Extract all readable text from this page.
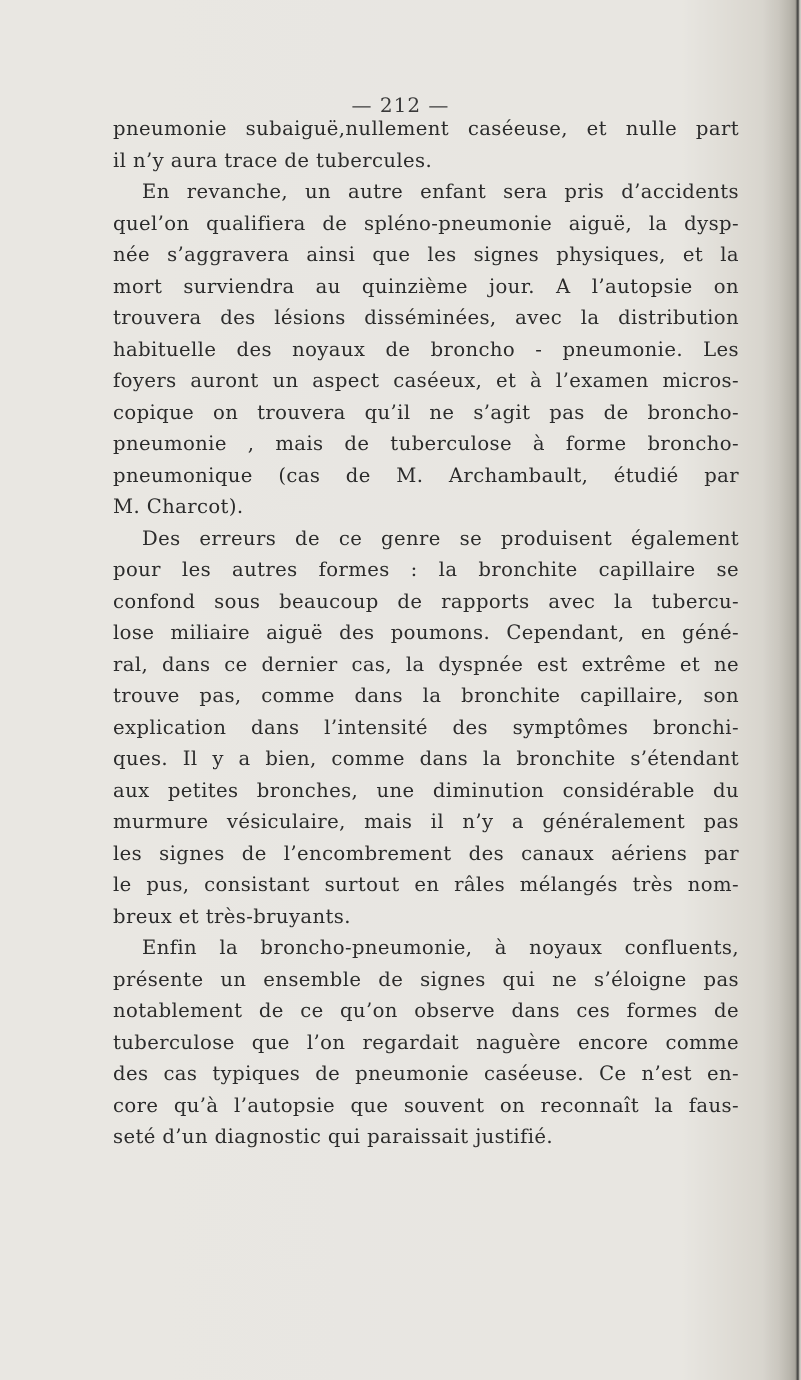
— 212 —
pneumonie subaiguë,nullement caséeuse, et nulle part
il n’y aura trace de tubercules.
En revanche, un autre enfant sera pris d’accidents
quel’on qualifiera de spléno-pneumonie aiguë, la dysp-
née s’aggravera ainsi que les signes physiques, et la
mort surviendra au quinzième jour. A l’autopsie on
trouvera des lésions disséminées, avec la distribution
habituelle des noyaux de broncho - pneumonie. Les
foyers auront un aspect caséeux, et à l’examen micros-
copique on trouvera qu’il ne s’agit pas de broncho-
pneumonie , mais de tuberculose à forme broncho-
pneumonique (cas de M. Archambault, étudié par
M. Charcot).
Des erreurs de ce genre se produisent également
pour les autres formes : la bronchite capillaire se
confond sous beaucoup de rapports avec la tubercu-
lose miliaire aiguë des poumons. Cependant, en géné-
ral, dans ce dernier cas, la dyspnée est extrême et ne
trouve pas, comme dans la bronchite capillaire, son
explication dans l’intensité des symptômes bronchi-
ques. Il y a bien, comme dans la bronchite s’étendant
aux petites bronches, une diminution considérable du
murmure vésiculaire, mais il n’y a généralement pas
les signes de l’encombrement des canaux aériens par
le pus, consistant surtout en râles mélangés très nom-
breux et très-bruyants.
Enfin la broncho-pneumonie, à noyaux confluents,
présente un ensemble de signes qui ne s’éloigne pas
notablement de ce qu’on observe dans ces formes de
tuberculose que l’on regardait naguère encore comme
des cas typiques de pneumonie caséeuse. Ce n’est en-
core qu’à l’autopsie que souvent on reconnaît la faus-
seté d’un diagnostic qui paraissait justifié.
